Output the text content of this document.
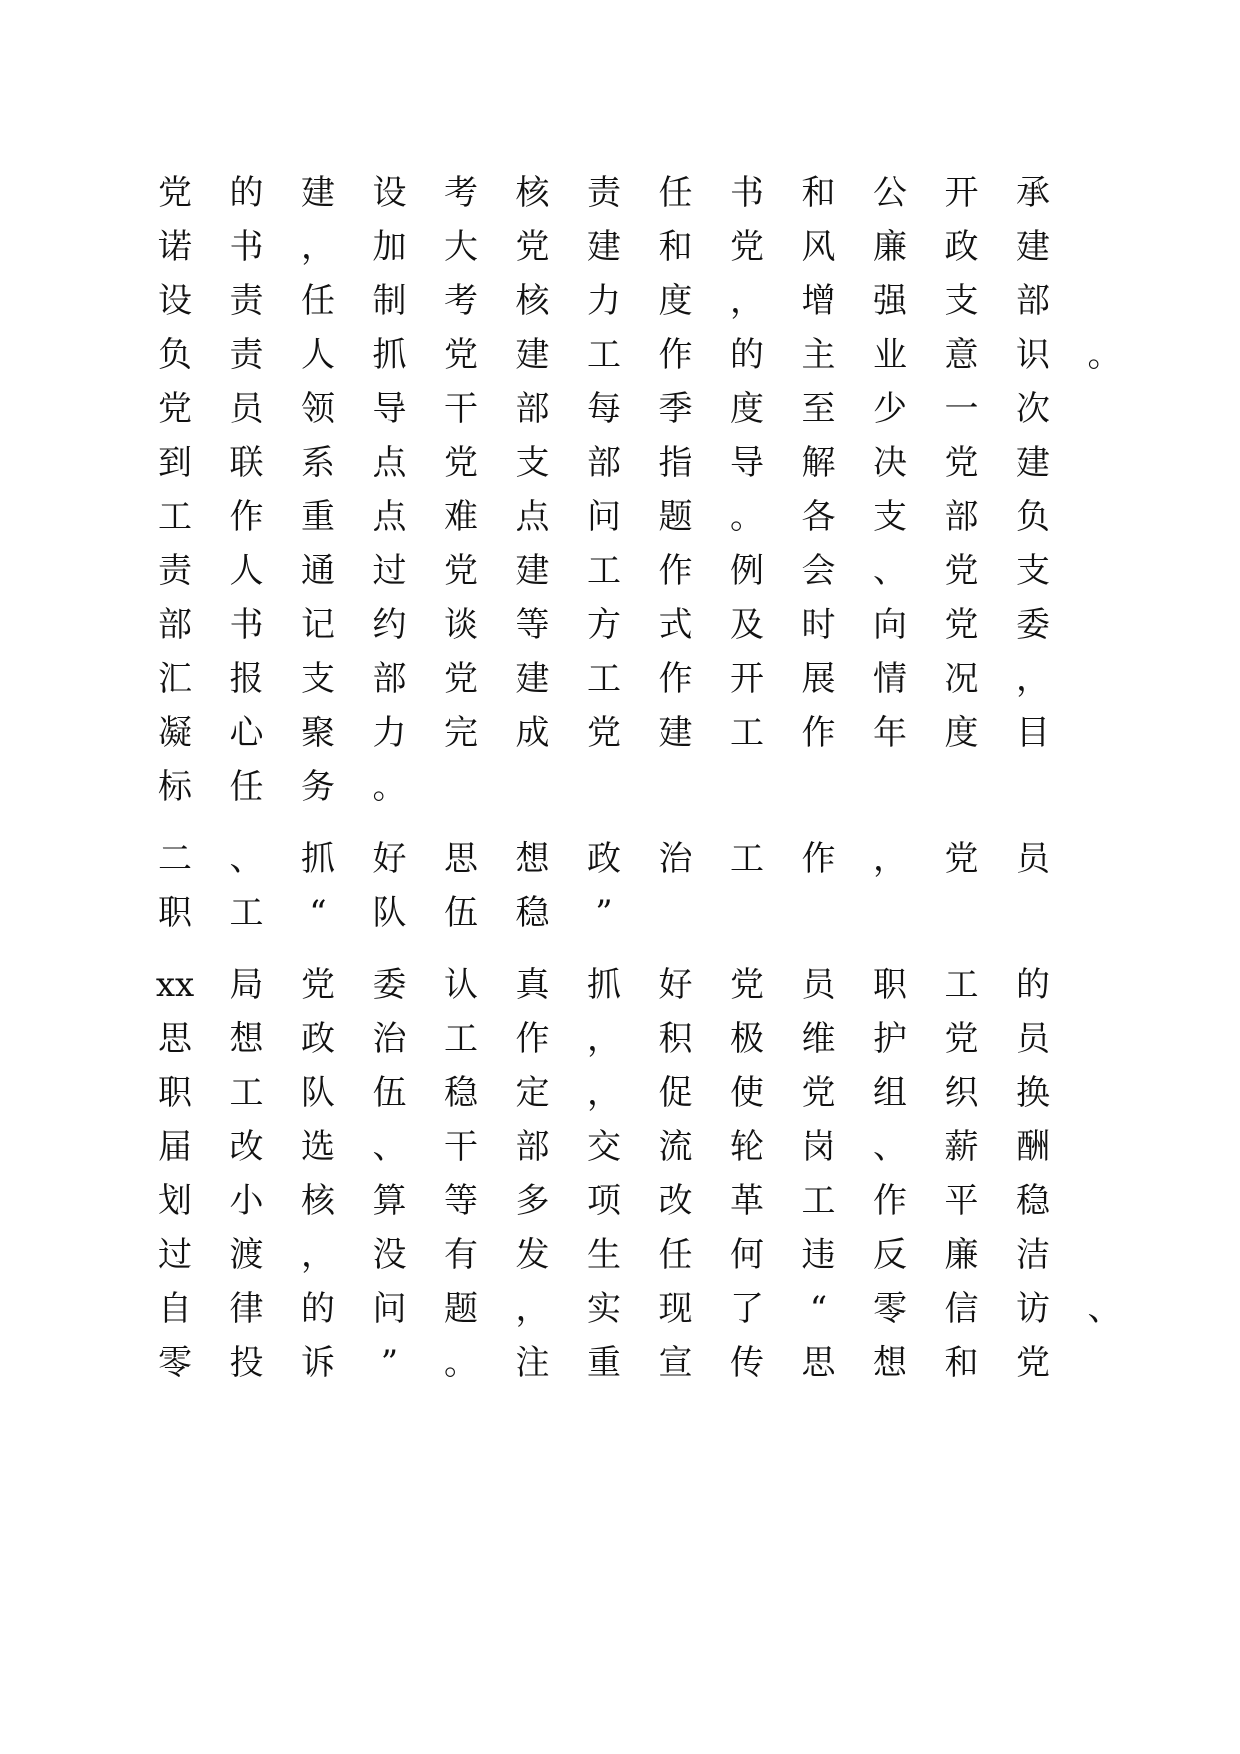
党 的 建 设 考 核 责 任 书 和 公 开 承
诺 书 ， 加 大 党 建 和 党 风 廉 政 建
设 责 任 制 考 核 力 度 ， 增 强 支 部
负 责 人 抓 党 建 工 作 的 主 业 意 识 。
党 员 领 导 干 部 每 季 度 至 少 一 次
到 联 系 点 党 支 部 指 导 解 决 党 建
工 作 重 点 难 点 问 题 。 各 支 部 负
责 人 通 过 党 建 工 作 例 会 、 党 支
部 书 记 约 谈 等 方 式 及 时 向 党 委
汇 报 支 部 党 建 工 作 开 展 情 况 ，
凝 心 聚 力 完 成 党 建 工 作 年 度 目
标 任 务 。
二 、 抓 好 思 想 政 治 工 作 ， 党 员
职 工	“	队 伍 稳	”
xx 局 党 委 认 真 抓 好 党 员 职 工 的
思 想 政 治 工 作 ， 积 极 维 护 党 员
职 工 队 伍 稳 定 ， 促 使 党 组 织 换
届 改 选 、 干 部 交 流 轮 岗 、 薪 酬
划 小 核 算 等 多 项 改 革 工 作 平 稳
过 渡 ， 没 有 发 生 任 何 违 反 廉 洁
自 律 的 问 题 ， 实 现 了	“	零 信 访 、
零 投 诉	”	。 注 重 宣 传 思 想 和 党
